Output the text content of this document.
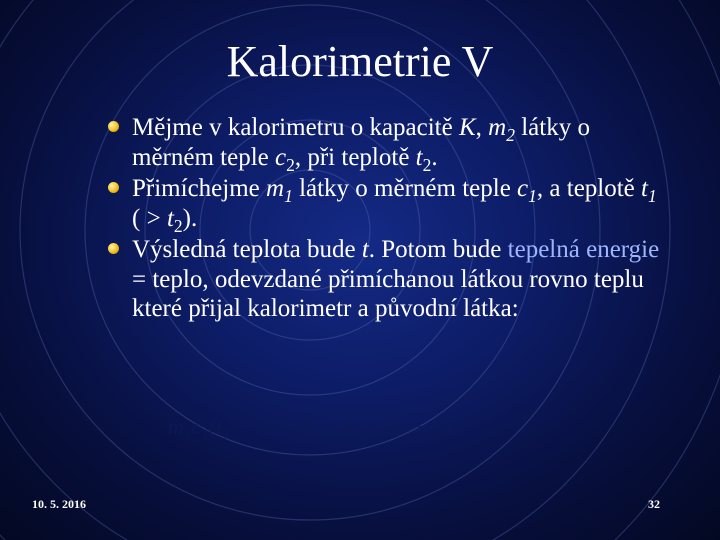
Kalorimetrie V
Mějme v kalorimetru o kapacitě K, $m_2$ látky o měrném teple $c_2$, při teplotě $t_2$.
Přimíchejme $m_1$ látky o měrném teple $c_1$, a teplotě $t_1$ ( > $t_2$).
Výsledná teplota bude t. Potom bude tepelná energie = teplo, odevzdané přimíchanou látkou rovno teplu které přijal kalorimetr a původní látka:
m₁c₁(t₁ − t) = (K + m₂c₂)(t − t₂)
10. 5. 2016	32
